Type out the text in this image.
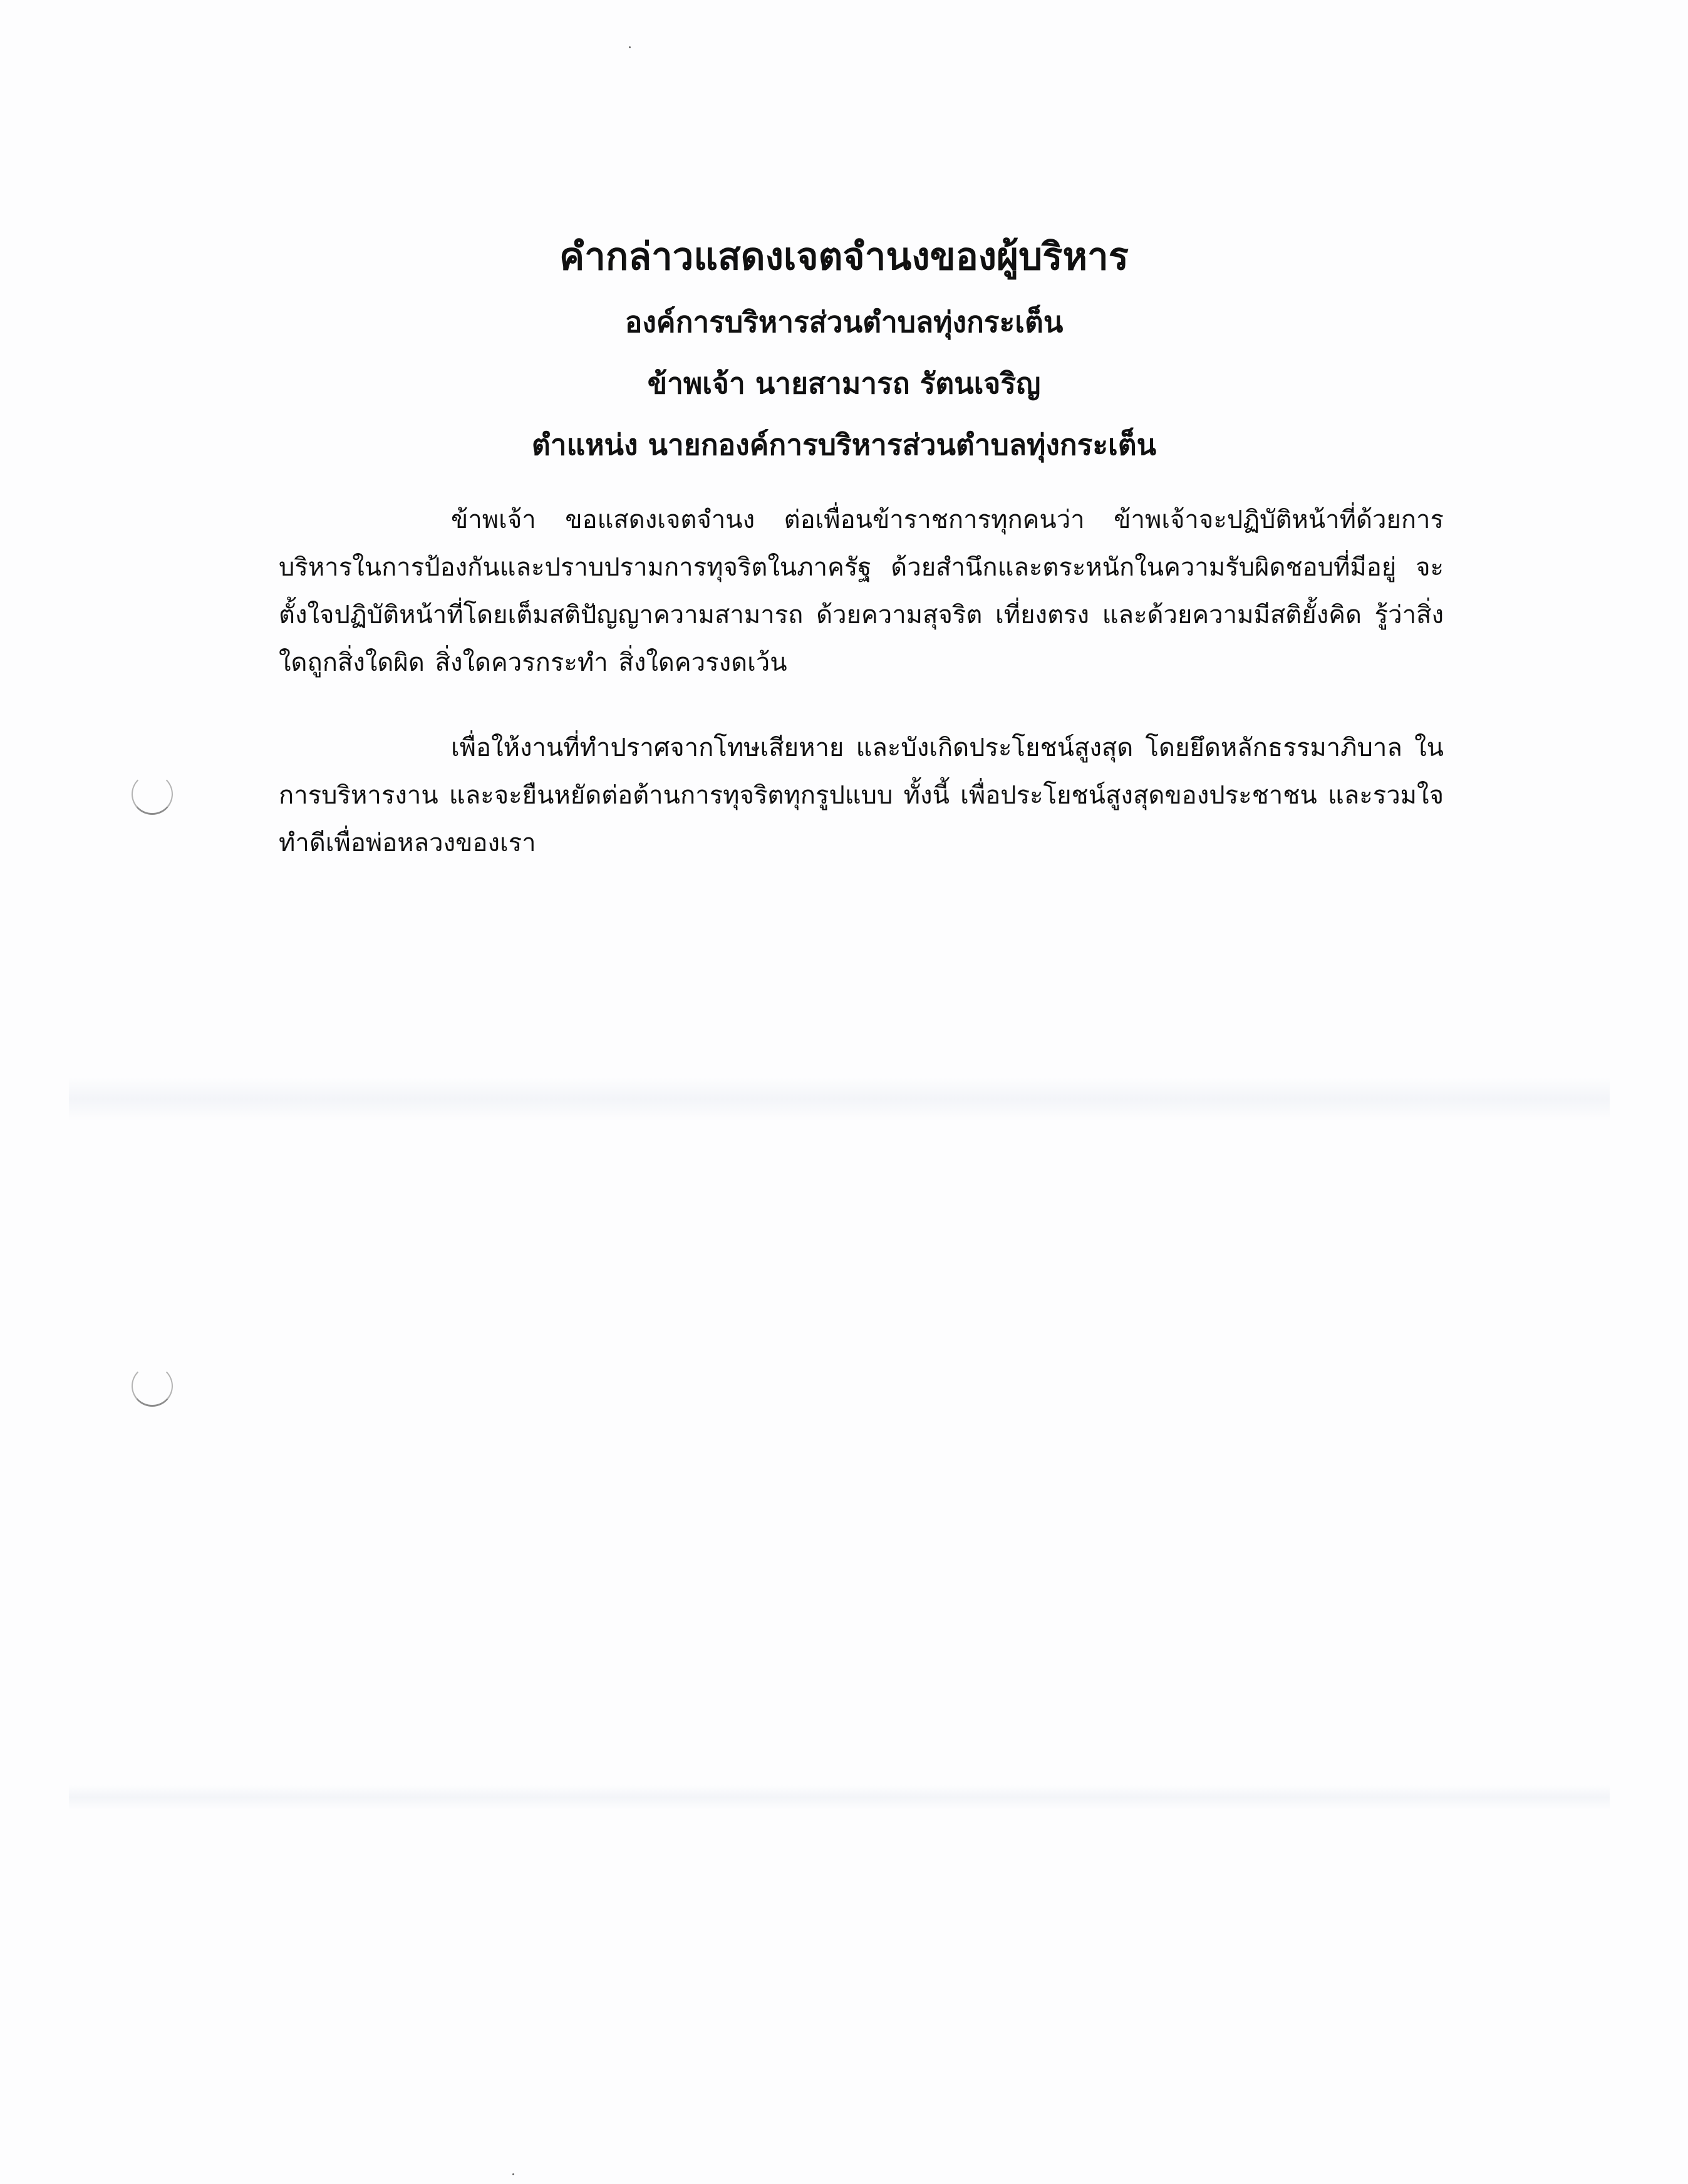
คำกล่าวแสดงเจตจำนงของผู้บริหาร

องค์การบริหารส่วนตำบลทุ่งกระเต็น

ข้าพเจ้า นายสามารถ รัตนเจริญ

ตำแหน่ง นายกองค์การบริหารส่วนตำบลทุ่งกระเต็น

ข้าพเจ้า ขอแสดงเจตจำนง ต่อเพื่อนข้าราชการทุกคนว่า ข้าพเจ้าจะปฏิบัติหน้าที่ด้วยการบริหารในการป้องกันและปราบปรามการทุจริตในภาครัฐ ด้วยสำนึกและตระหนักในความรับผิดชอบที่มีอยู่ จะตั้งใจปฏิบัติหน้าที่โดยเต็มสติปัญญาความสามารถ ด้วยความสุจริต เที่ยงตรง และด้วยความมีสติยั้งคิด รู้ว่าสิ่งใดถูกสิ่งใดผิด สิ่งใดควรกระทำ สิ่งใดควรงดเว้น

เพื่อให้งานที่ทำปราศจากโทษเสียหาย และบังเกิดประโยชน์สูงสุด โดยยึดหลักธรรมาภิบาล ในการบริหารงาน และจะยืนหยัดต่อต้านการทุจริตทุกรูปแบบ ทั้งนี้ เพื่อประโยชน์สูงสุดของประชาชน และรวมใจทำดีเพื่อพ่อหลวงของเรา
